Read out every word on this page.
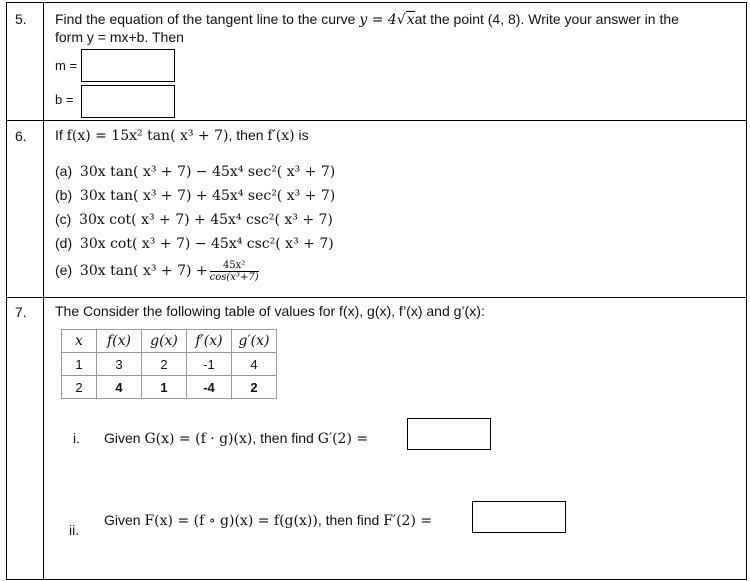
5. Find the equation of the tangent line to the curve y = 4√xat the point (4, 8). Write your answer in the
form y = mx+b. Then
m =
b =
6. If f(x) = 15x² tan( x³ + 7), then f′(x) is
(a) 30x tan( x³ + 7) − 45x⁴ sec²( x³ + 7)
(b) 30x tan( x³ + 7) + 45x⁴ sec²( x³ + 7)
(c) 30x cot( x³ + 7) + 45x⁴ csc²( x³ + 7)
(d) 30x cot( x³ + 7) − 45x⁴ csc²( x³ + 7)
(e) 30x tan( $x^3 + 7) + \frac{\text{45x²}}{\text{cos(x³+7)}}$
7. The Consider the following table of values for f(x), g(x), f’(x) and g’(x):
x	f(x)	g(x)	f′(x)	g′(x)
1	3	2	-1	4
2	4	1	-4	2
i. Given G(x) = (f · g)(x), then find G′(2) =
ii.
Given F(x) = (f ∘ g)(x) = f(g(x)), then find F′(2) =
